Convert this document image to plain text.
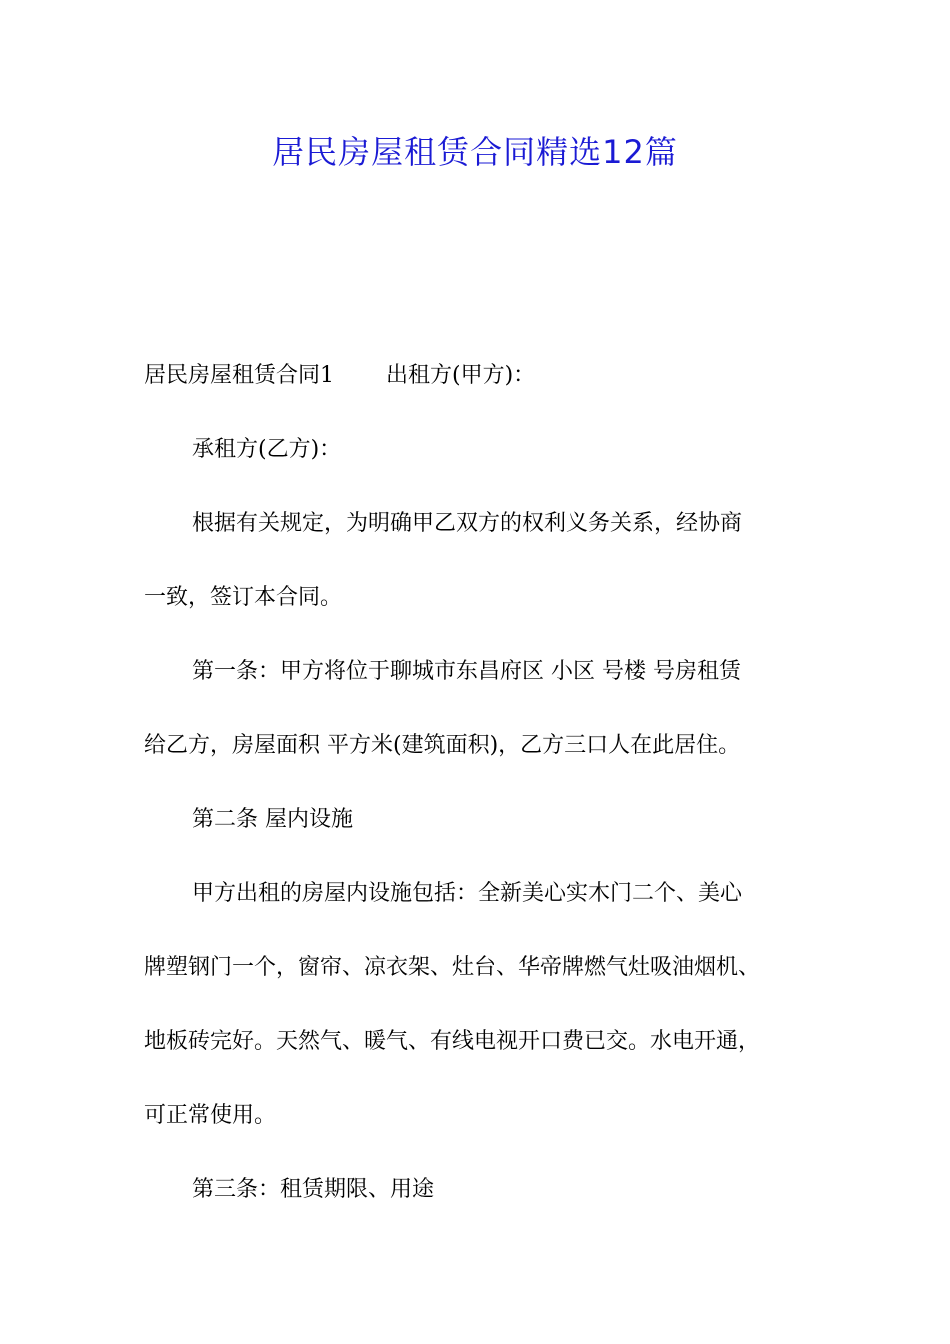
居民房屋租赁合同精选12篇
居民房屋租赁合同1 出租方(甲方)：
承租方(乙方)：
根据有关规定，为明确甲乙双方的权利义务关系，经协商
一致，签订本合同。
第一条：甲方将位于聊城市东昌府区 小区 号楼 号房租赁
给乙方，房屋面积 平方米(建筑面积)，乙方三口人在此居住。
第二条 屋内设施
甲方出租的房屋内设施包括：全新美心实木门二个、美心
牌塑钢门一个，窗帘、凉衣架、灶台、华帝牌燃气灶吸油烟机、
地板砖完好。天然气、暖气、有线电视开口费已交。水电开通，
可正常使用。
第三条：租赁期限、用途
